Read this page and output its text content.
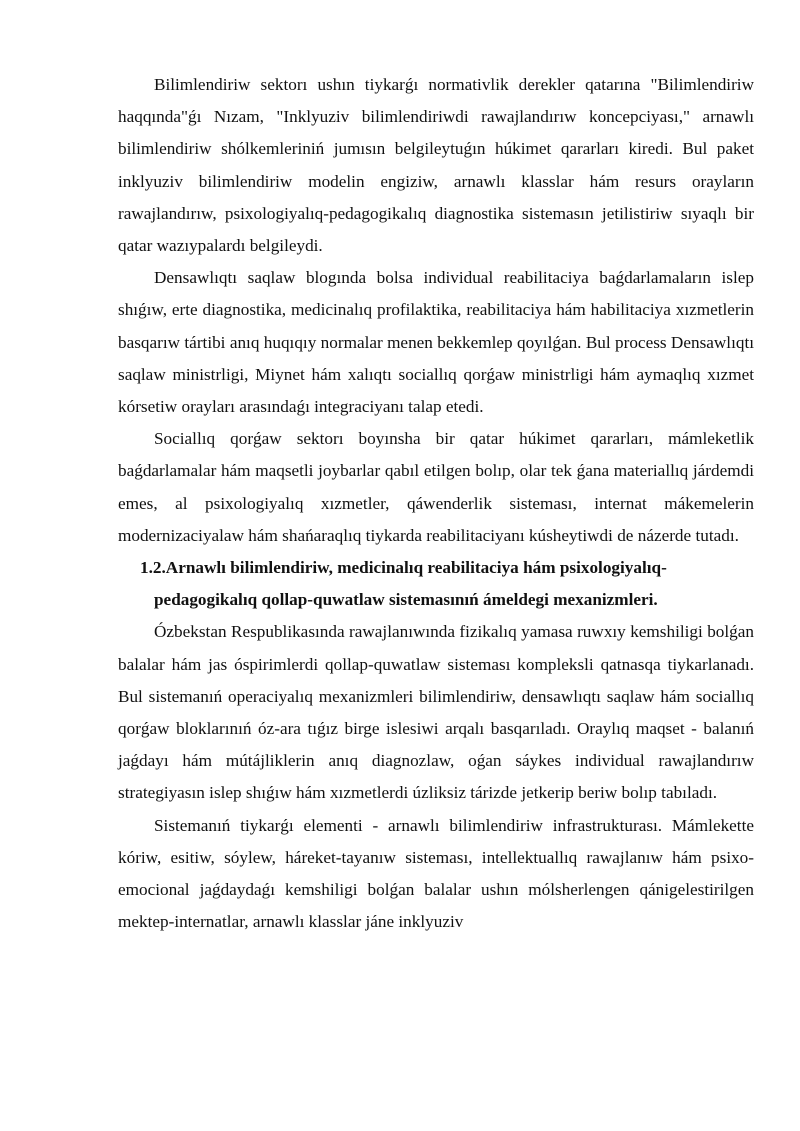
Bilimlendiriw sektorı ushın tiykarǵı normativlik derekler qatarına "Bilimlendiriw haqqında"ǵı Nızam, "Inklyuziv bilimlendiriwdi rawajlandırıw koncepciyası," arnawlı bilimlendiriw shólkemleriniń jumısın belgileytuǵın húkimet qararları kiredi. Bul paket inklyuziv bilimlendiriw modelin engiziw, arnawlı klasslar hám resurs orayların rawajlandırıw, psixologiyalıq-pedagogikalıq diagnostika sistemasın jetilistiriw sıyaqlı bir qatar wazıypalardı belgileydi.

Densawlıqtı saqlaw blogında bolsa individual reabilitaciya baǵdarlamaların islep shıǵıw, erte diagnostika, medicinalıq profilaktika, reabilitaciya hám habilitaciya xızmetlerin basqarıw tártibi anıq huqıqıy normalar menen bekkemlep qoyılǵan. Bul process Densawlıqtı saqlaw ministrligi, Miynet hám xalıqtı sociallıq qorǵaw ministrligi hám aymaqlıq xızmet kórsetiw orayları arasındaǵı integraciyanı talap etedi.

Sociallıq qorǵaw sektorı boyınsha bir qatar húkimet qararları, mámleketlik baǵdarlamalar hám maqsetli joybarlar qabıl etilgen bolıp, olar tek ǵana materiallıq járdemdi emes, al psixologiyalıq xızmetler, qáwenderlik sisteması, internat mákemelerin modernizaciyalaw hám shańaraqlıq tiykarda reabilitaciyanı kúsheytiwdi de názerde tutadı.

1.2.Arnawlı bilimlendiriw, medicinalıq reabilitaciya hám psixologiyalıq-
pedagogikalıq qollap-quwatlaw sistemasınıń ámeldegi mexanizmleri.

Ózbekstan Respublikasında rawajlanıwında fizikalıq yamasa ruwxıy kemshiligi bolǵan balalar hám jas óspirimlerdi qollap-quwatlaw sisteması kompleksli qatnasqa tiykarlanadı. Bul sistemanıń operaciyalıq mexanizmleri bilimlendiriw, densawlıqtı saqlaw hám sociallıq qorǵaw bloklarınıń óz-ara tıǵız birge islesiwi arqalı basqarıladı. Oraylıq maqset - balanıń jaǵdayı hám mútájliklerin anıq diagnozlaw, oǵan sáykes individual rawajlandırıw strategiyasın islep shıǵıw hám xızmetlerdi úzliksiz tárizde jetkerip beriw bolıp tabıladı.

Sistemanıń tiykarǵı elementi - arnawlı bilimlendiriw infrastrukturası. Mámlekette kóriw, esitiw, sóylew, háreket-tayanıw sisteması, intellektuallıq rawajlanıw hám psixo-emocional jaǵdaydaǵı kemshiligi bolǵan balalar ushın mólsherlengen qánigelestirilgen mektep-internatlar, arnawlı klasslar jáne inklyuziv
